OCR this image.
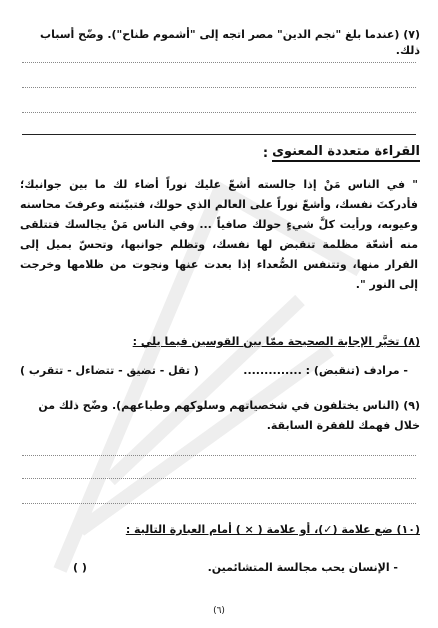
(٧) (عندما بلغ "نجم الدين" مصر اتجه إلى "أشموم طناح"). وضّح أسباب ذلك.
القراءة متعددة المعنوى
:
" في الناس مَنْ إذا جالسته أشعّ عليك نوراً أضاء لك ما بين جوانبك؛ فأدركتَ نفسك، وأشعّ نوراً على العالم الذي حولك، فتبيّنته وعرفتَ محاسنه وعيوبه، ورأيت كلَّ شيءٍ حولك صافياً ... وفي الناس مَنْ يجالسك فتتلقى منه أشعّة مظلمة تنقبض لها نفسك، وتظلم جوانبها، وتحسّ بميل إلى الفرار منها، وتتنفس الصُّعداء إذا بعدت عنها ونجوت من ظلامها وخرجت إلى النور ".
(٨) تخيَّر الإجابة الصحيحة ممّا بين القوسين فيما يلي :
- مرادف (تنقبض) : ..............
( تقل - تضيق - تتضاءل - تتقرب )
(٩) (الناس يختلفون في شخصياتهم وسلوكهم وطباعهم). وضّح ذلك من
خلال فهمك للفقرة السابقة.
(١٠) ضع علامة (✓)، أو علامة ( × ) أمام العبارة التالية :
- الإنسان يحب مجالسة المتشائمين.
( )
(٦)
